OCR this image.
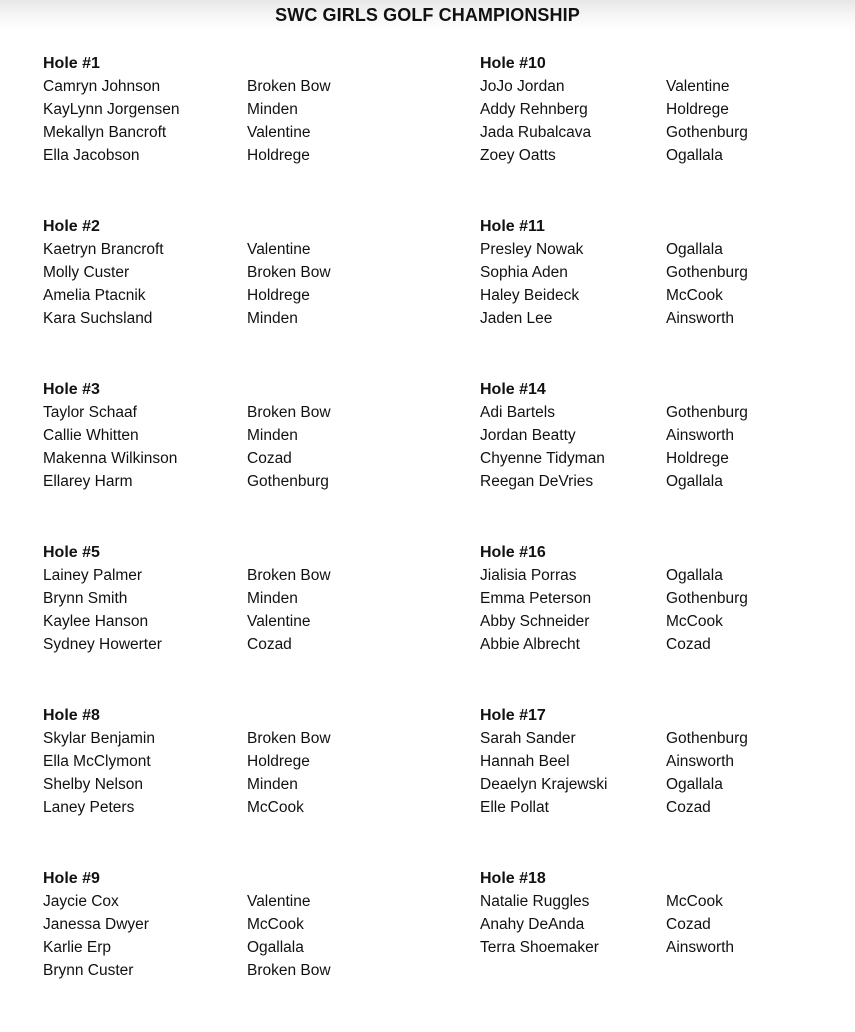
SWC GIRLS GOLF CHAMPIONSHIP
Hole #1
Camryn Johnson	Broken Bow
KayLynn Jorgensen	Minden
Mekallyn Bancroft	Valentine
Ella Jacobson	Holdrege
Hole #2
Kaetryn Brancroft	Valentine
Molly Custer	Broken Bow
Amelia Ptacnik	Holdrege
Kara Suchsland	Minden
Hole #3
Taylor Schaaf	Broken Bow
Callie Whitten	Minden
Makenna Wilkinson	Cozad
Ellarey Harm	Gothenburg
Hole #5
Lainey Palmer	Broken Bow
Brynn Smith	Minden
Kaylee Hanson	Valentine
Sydney Howerter	Cozad
Hole #8
Skylar Benjamin	Broken Bow
Ella McClymont	Holdrege
Shelby Nelson	Minden
Laney Peters	McCook
Hole #9
Jaycie Cox	Valentine
Janessa Dwyer	McCook
Karlie Erp	Ogallala
Brynn Custer	Broken Bow
Hole #10
JoJo Jordan	Valentine
Addy Rehnberg	Holdrege
Jada Rubalcava	Gothenburg
Zoey Oatts	Ogallala
Hole #11
Presley Nowak	Ogallala
Sophia Aden	Gothenburg
Haley Beideck	McCook
Jaden Lee	Ainsworth
Hole #14
Adi Bartels	Gothenburg
Jordan Beatty	Ainsworth
Chyenne Tidyman	Holdrege
Reegan DeVries	Ogallala
Hole #16
Jialisia Porras	Ogallala
Emma Peterson	Gothenburg
Abby Schneider	McCook
Abbie Albrecht	Cozad
Hole #17
Sarah Sander	Gothenburg
Hannah Beel	Ainsworth
Deaelyn Krajewski	Ogallala
Elle Pollat	Cozad
Hole #18
Natalie Ruggles	McCook
Anahy DeAnda	Cozad
Terra Shoemaker	Ainsworth
